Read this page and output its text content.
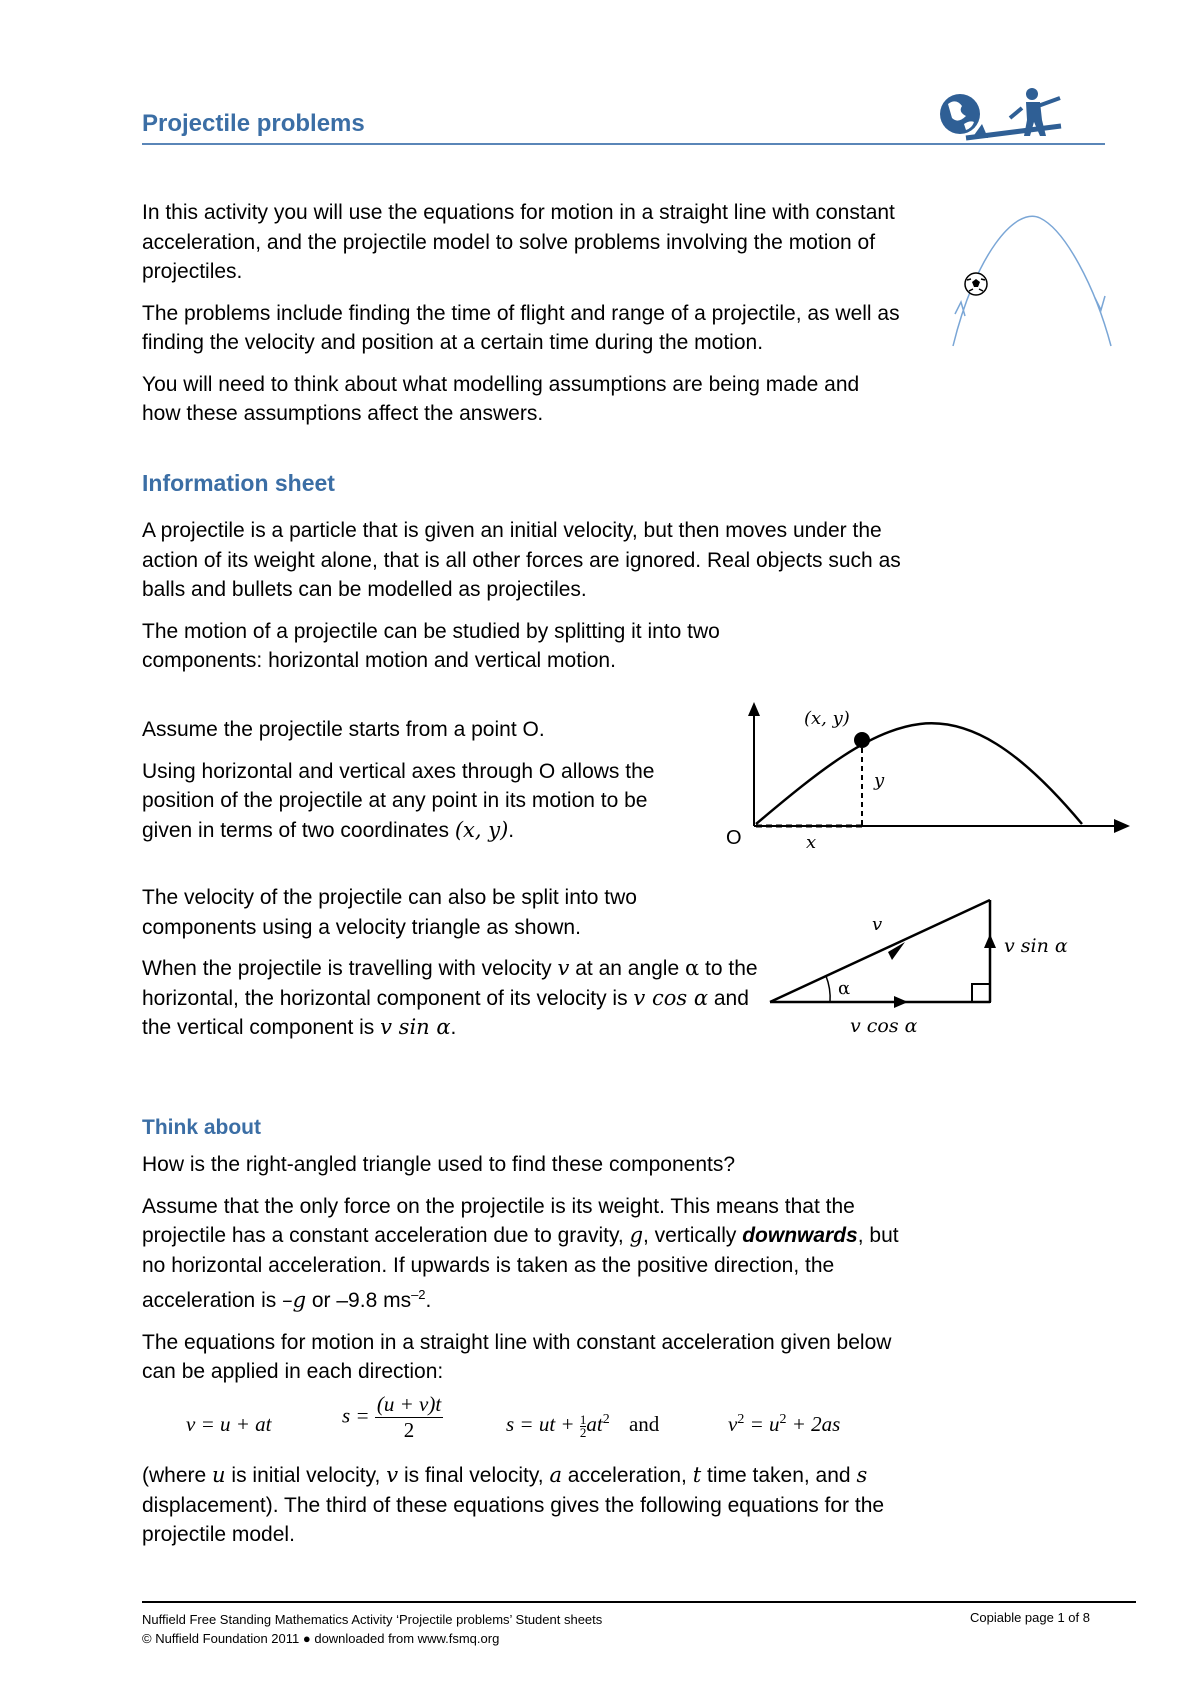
Projectile problems

In this activity you will use the equations for motion in a straight line with constant acceleration, and the projectile model to solve problems involving the motion of projectiles.

The problems include finding the time of flight and range of a projectile, as well as finding the velocity and position at a certain time during the motion.

You will need to think about what modelling assumptions are being made and how these assumptions affect the answers.

Information sheet

A projectile is a particle that is given an initial velocity, but then moves under the action of its weight alone, that is all other forces are ignored. Real objects such as balls and bullets can be modelled as projectiles.

The motion of a projectile can be studied by splitting it into two components: horizontal motion and vertical motion.

Assume the projectile starts from a point O.

Using horizontal and vertical axes through O allows the position of the projectile at any point in its motion to be given in terms of two coordinates (x, y).

(x, y)
O	x
y

The velocity of the projectile can also be split into two components using a velocity triangle as shown.

When the projectile is travelling with velocity v at an angle α to the horizontal, the horizontal component of its velocity is v cos α and the vertical component is v sin α.

α
v
v sin α
v cos α
Think about

How is the right-angled triangle used to find these components?

Assume that the only force on the projectile is its weight. This means that the projectile has a constant acceleration due to gravity, g, vertically downwards, but no horizontal acceleration. If upwards is taken as the positive direction, the acceleration is –g or –9.8 $ms^{-2}$.

The equations for motion in a straight line with constant acceleration given below can be applied in each direction:

v = u + at	$s = \frac{(u + v)t}{2}$	s = ut + $\frac{1}{2} at^2$ and	$v^2 = u^2 + 2as$

(where u is initial velocity, v is final velocity, a acceleration, t time taken, and s displacement). The third of these equations gives the following equations for the projectile model.

Nuffield Free Standing Mathematics Activity ‘Projectile problems’ Student sheets
© Nuffield Foundation 2011 ● downloaded from www.fsmq.org
Copiable page 1 of 8
